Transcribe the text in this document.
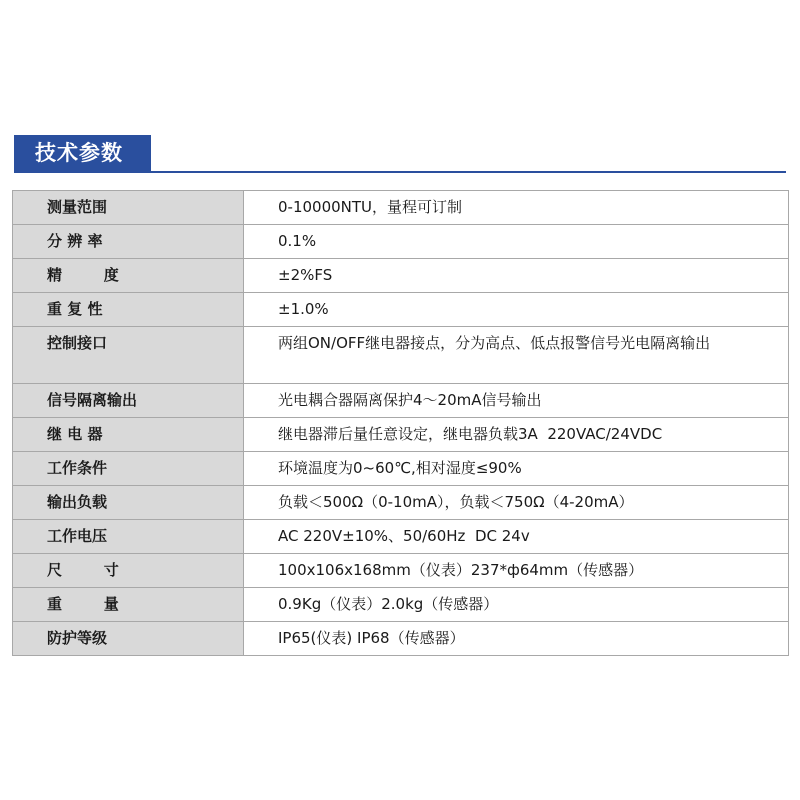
技术参数
测量范围	0-10000NTU，量程可订制
分 辨 率	0.1%
精        度	±2%FS
重 复 性	±1.0%
控制接口	两组ON/OFF继电器接点，分为高点、低点报警信号光电隔离输出
信号隔离输出	光电耦合器隔离保护4～20mA信号输出
继 电 器	继电器滞后量任意设定，继电器负载3A  220VAC/24VDC
工作条件	环境温度为0~60℃,相对湿度≤90%
输出负载	负载＜500Ω（0-10mA），负载＜750Ω（4-20mA）
工作电压	AC 220V±10%、50/60Hz  DC 24v
尺        寸	100x106x168mm（仪表）237*ф64mm（传感器）
重        量	0.9Kg（仪表）2.0kg（传感器）
防护等级	IP65(仪表) IP68（传感器）
